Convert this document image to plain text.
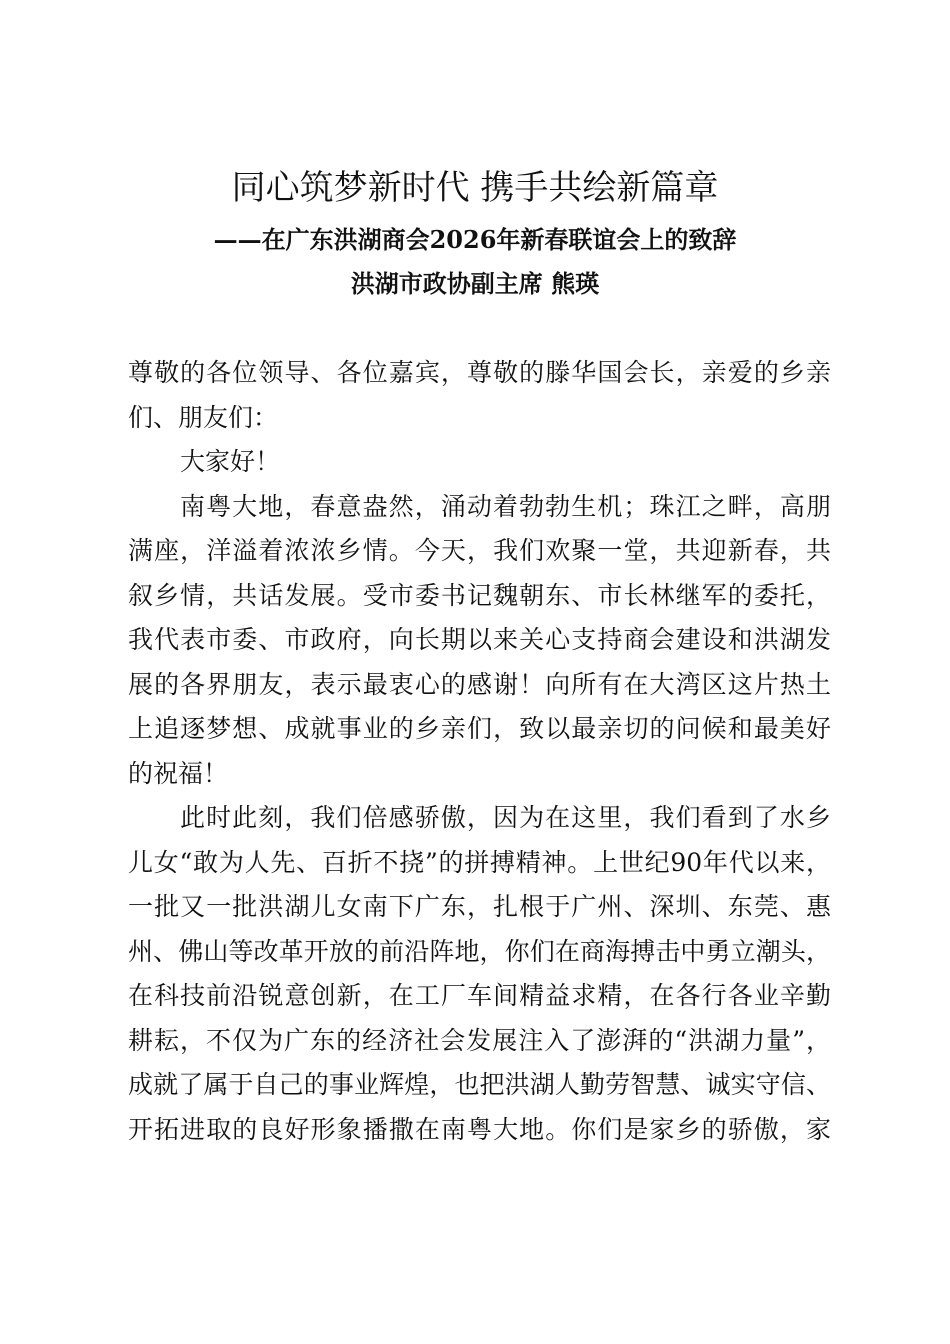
同心筑梦新时代 携手共绘新篇章
——在广东洪湖商会2026年新春联谊会上的致辞
洪湖市政协副主席 熊瑛
尊敬的各位领导、各位嘉宾，尊敬的滕华国会长，亲爱的乡亲
们、朋友们：
大家好！
南粤大地，春意盎然，涌动着勃勃生机；珠江之畔，高朋
满座，洋溢着浓浓乡情。今天，我们欢聚一堂，共迎新春，共
叙乡情，共话发展。受市委书记魏朝东、市长林继军的委托，
我代表市委、市政府，向长期以来关心支持商会建设和洪湖发
展的各界朋友，表示最衷心的感谢！向所有在大湾区这片热土
上追逐梦想、成就事业的乡亲们，致以最亲切的问候和最美好
的祝福！
此时此刻，我们倍感骄傲，因为在这里，我们看到了水乡
儿女“敢为人先、百折不挠”的拼搏精神。上世纪90年代以来，
一批又一批洪湖儿女南下广东，扎根于广州、深圳、东莞、惠
州、佛山等改革开放的前沿阵地，你们在商海搏击中勇立潮头，
在科技前沿锐意创新，在工厂车间精益求精，在各行各业辛勤
耕耘，不仅为广东的经济社会发展注入了澎湃的“洪湖力量”，
成就了属于自己的事业辉煌，也把洪湖人勤劳智慧、诚实守信、
开拓进取的良好形象播撒在南粤大地。你们是家乡的骄傲，家
